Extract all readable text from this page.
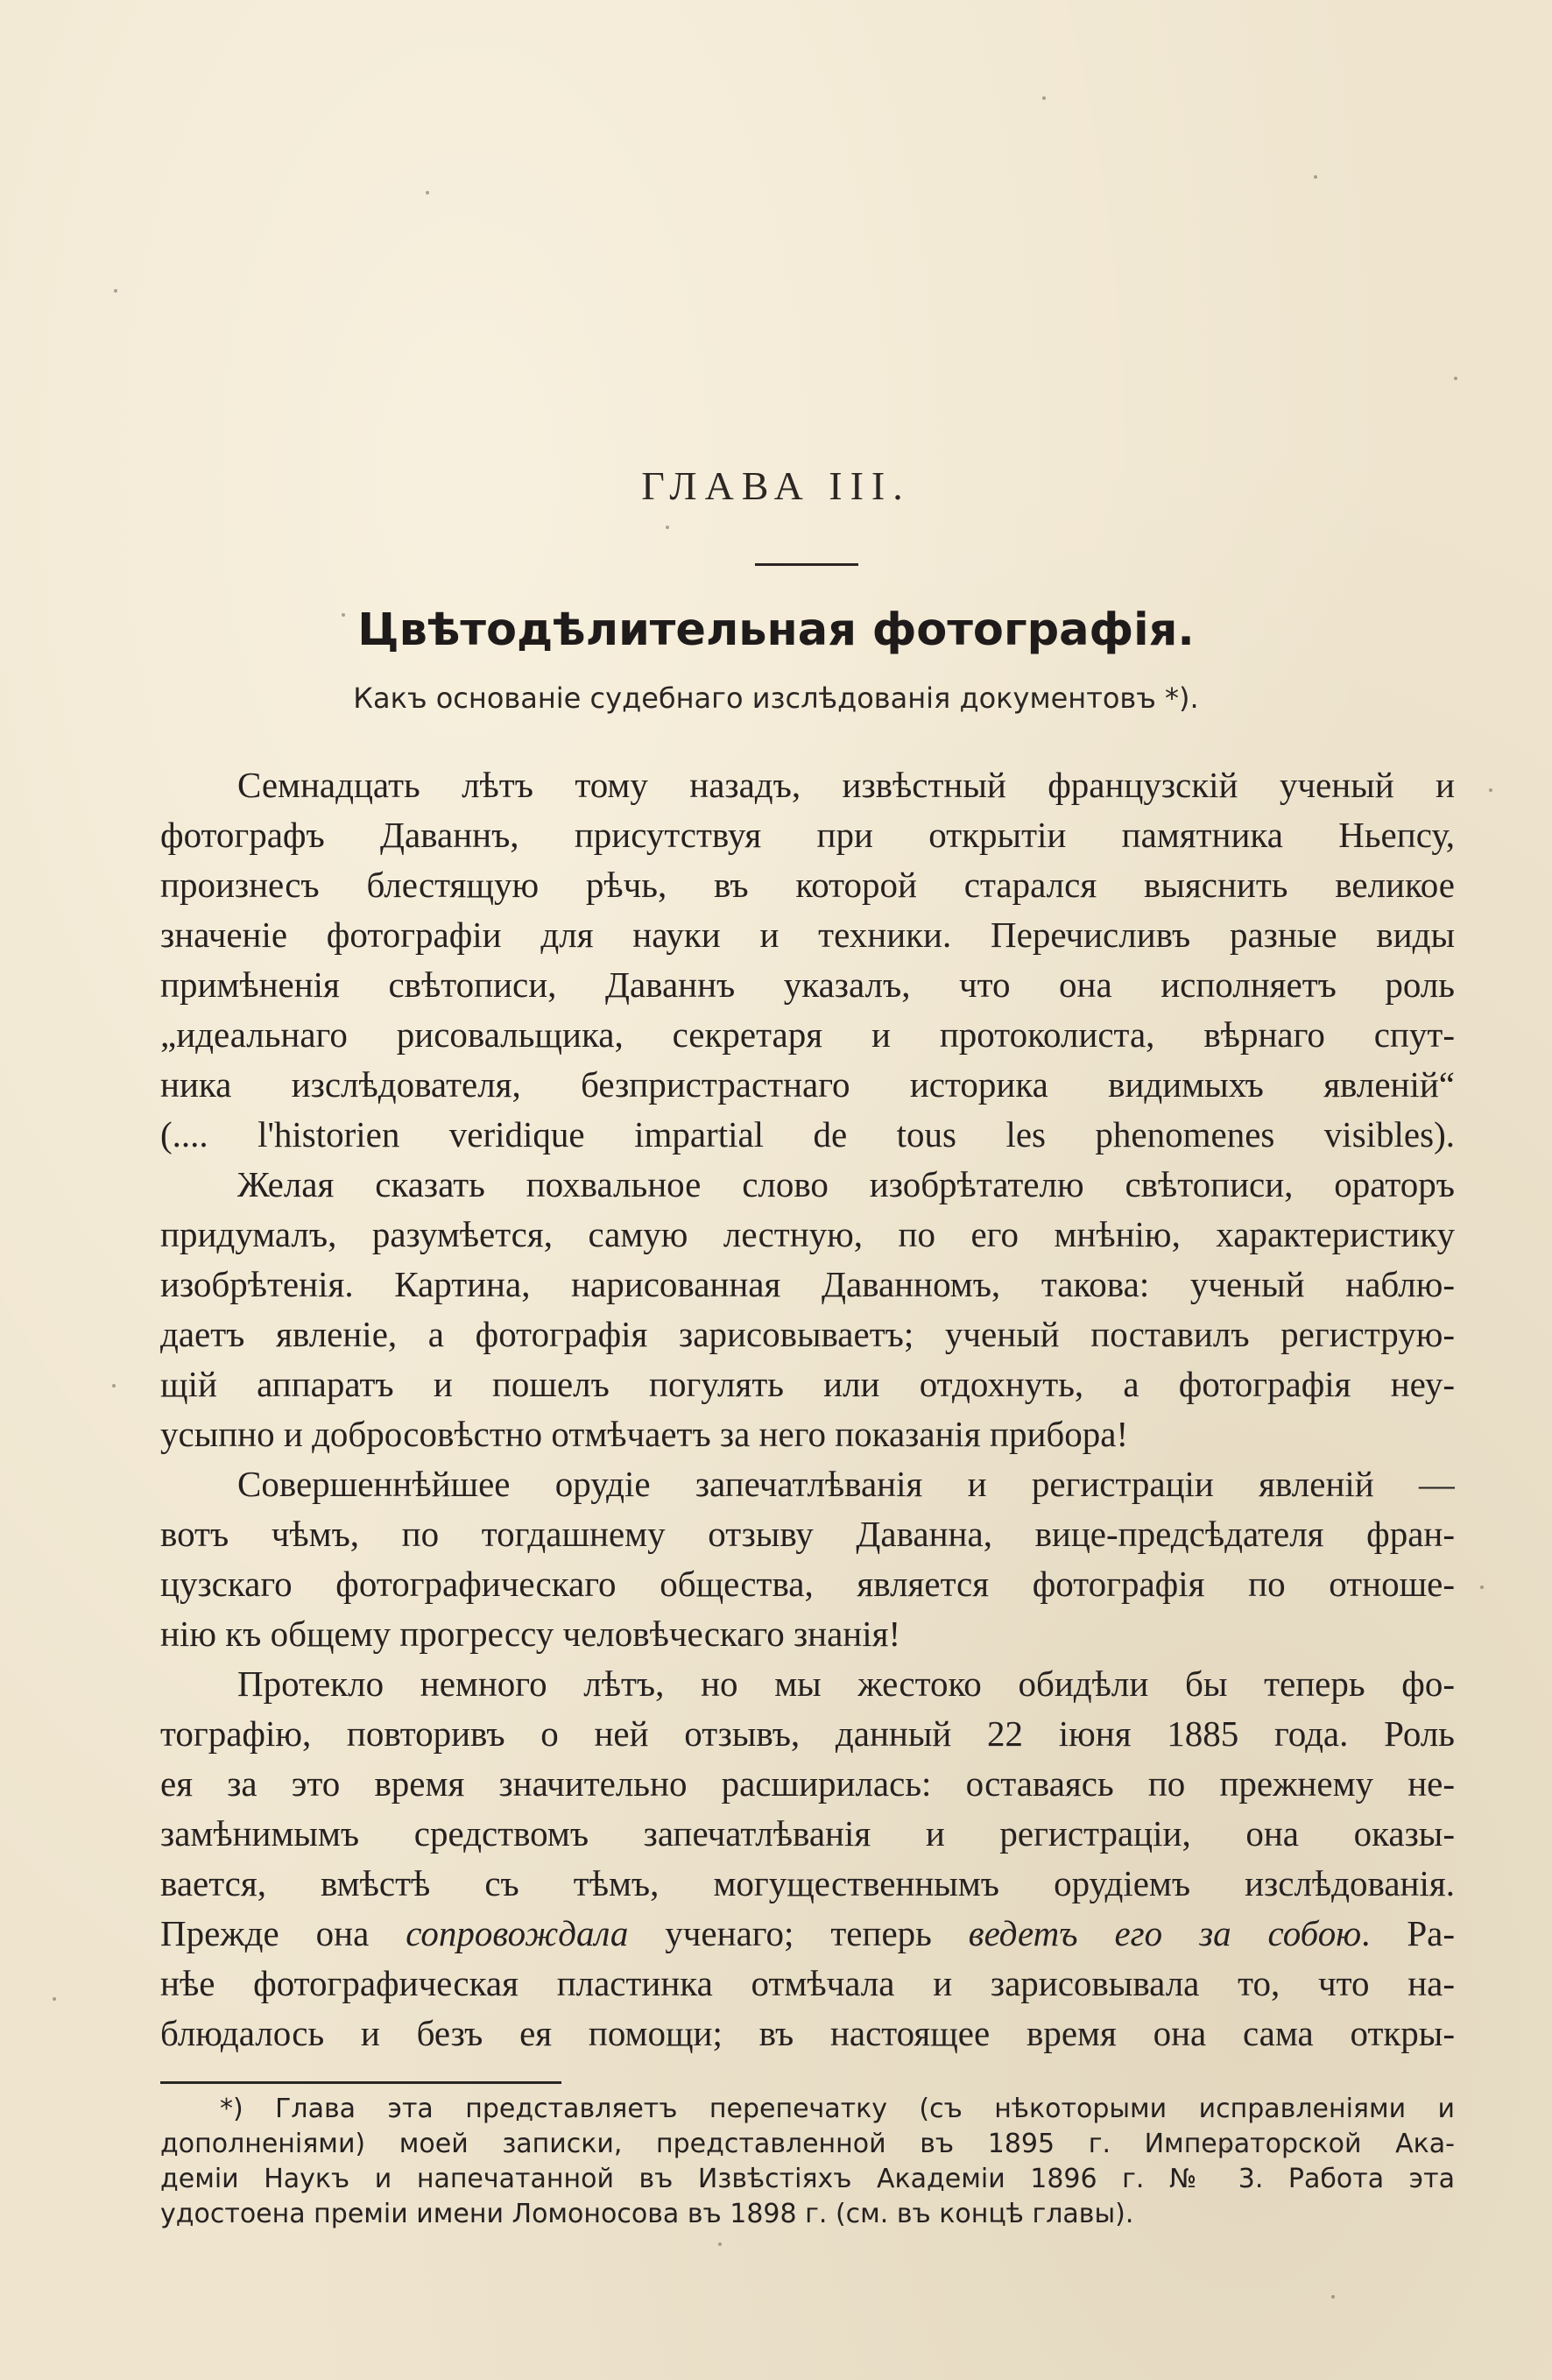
ГЛАВА III.
Цвѣтодѣлительная фотографія.
Какъ основаніе судебнаго изслѣдованія документовъ *).
Семнадцать лѣтъ тому назадъ, извѣстный французскій ученый и
фотографъ Даваннъ, присутствуя при открытіи памятника Ньепсу,
произнесъ блестящую рѣчь, въ которой старался выяснить великое
значеніе фотографіи для науки и техники. Перечисливъ разные виды
примѣненія свѣтописи, Даваннъ указалъ, что она исполняетъ роль
„идеальнаго рисовальщика, секретаря и протоколиста, вѣрнаго спут-
ника изслѣдователя, безпристрастнаго историка видимыхъ явленій“
(.... l'historien veridique impartial de tous les phenomenes visibles).
Желая сказать похвальное слово изобрѣтателю свѣтописи, ораторъ
придумалъ, разумѣется, самую лестную, по его мнѣнію, характеристику
изобрѣтенія. Картина, нарисованная Даванномъ, такова: ученый наблю-
даетъ явленіе, а фотографія зарисовываетъ; ученый поставилъ региструю-
щій аппаратъ и пошелъ погулять или отдохнуть, а фотографія неу-
усыпно и добросовѣстно отмѣчаетъ за него показанія прибора!
Совершеннѣйшее орудіе запечатлѣванія и регистраціи явленій —
вотъ чѣмъ, по тогдашнему отзыву Даванна, вице-предсѣдателя фран-
цузскаго фотографическаго общества, является фотографія по отноше-
нію къ общему прогрессу человѣческаго знанія!
Протекло немного лѣтъ, но мы жестоко обидѣли бы теперь фо-
тографію, повторивъ о ней отзывъ, данный 22 іюня 1885 года. Роль
ея за это время значительно расширилась: оставаясь по прежнему не-
замѣнимымъ средствомъ запечатлѣванія и регистраціи, она оказы-
вается, вмѣстѣ съ тѣмъ, могущественнымъ орудіемъ изслѣдованія.
Прежде она сопровождала ученаго; теперь ведетъ его за собою. Ра-
нѣе фотографическая пластинка отмѣчала и зарисовывала то, что на-
блюдалось и безъ ея помощи; въ настоящее время она сама откры-
*) Глава эта представляетъ перепечатку (съ нѣкоторыми исправленіями и
дополненіями) моей записки, представленной въ 1895 г. Императорской Ака-
деміи Наукъ и напечатанной въ Извѣстіяхъ Академіи 1896 г. № 3. Работа эта
удостоена преміи имени Ломоносова въ 1898 г. (см. въ концѣ главы).
